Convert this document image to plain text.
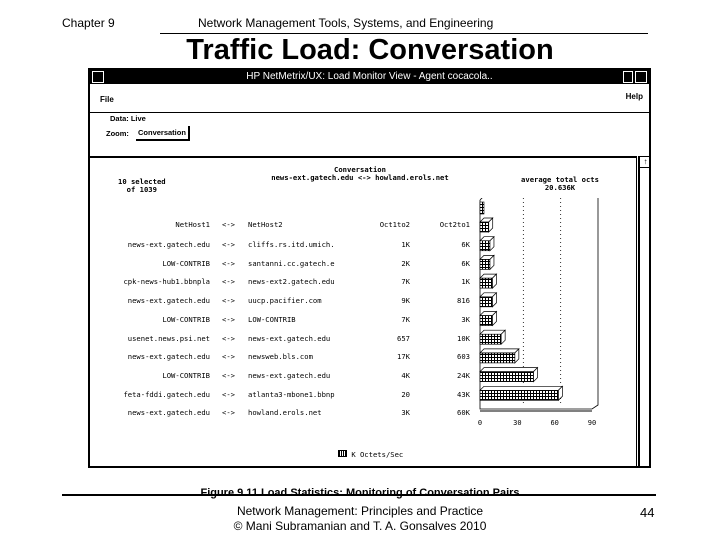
Chapter 9	Network Management Tools, Systems, and Engineering
Traffic Load: Conversation
HP NetMetrix/UX: Load Monitor View - Agent cocacola..
File	Help
Data: Live
Zoom: Conversation
10 selected
of 1039
Conversation
news-ext.gatech.edu <-> howland.erols.net	average total octs
20.636K
NetHost1 <-> NetHost2	Oct1to2	Oct2to1
news-ext.gatech.edu <-> cliffs.rs.itd.umich.	1K	6K
LOW-CONTRIB <-> santanni.cc.gatech.e	2K	6K
cpk-news-hub1.bbnpla <-> news-ext2.gatech.edu	7K	1K
news-ext.gatech.edu <-> uucp.pacifier.com	9K	816
LOW-CONTRIB <-> LOW-CONTRIB	7K	3K
usenet.news.psi.net <-> news-ext.gatech.edu	657	10K
news-ext.gatech.edu <-> newsweb.bls.com	17K	603
LOW-CONTRIB <-> news-ext.gatech.edu	4K	24K
feta-fddi.gatech.edu <-> atlanta3-mbone1.bbnp	20	43K
news-ext.gatech.edu <-> howland.erols.net	3K	60K
0	30	60	90
K Octets/Sec
↑
Figure 9.11 Load Statistics: Monitoring of Conversation Pairs
Network Management: Principles and Practice
© Mani Subramanian and T. A. Gonsalves 2010
44
